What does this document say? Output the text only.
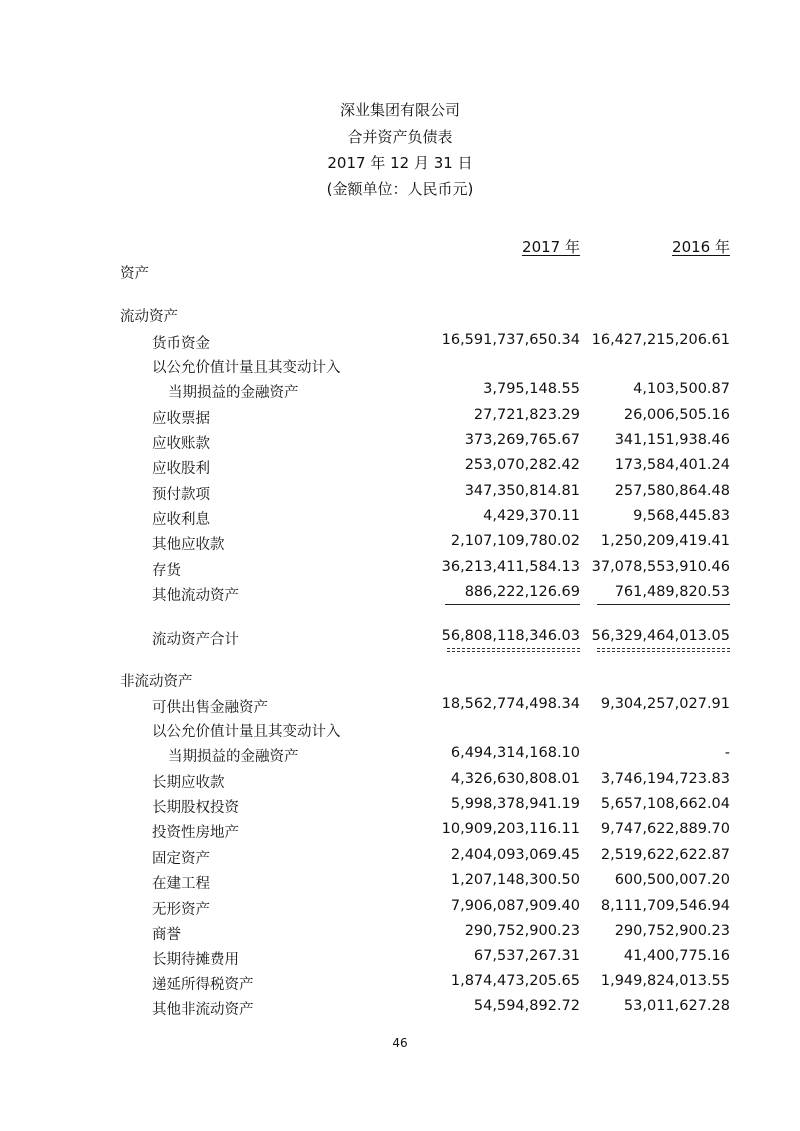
深业集团有限公司
合并资产负债表
2017 年 12 月 31 日
(金额单位：人民币元)
2017 年	2016 年
资产
流动资产
货币资金	16,591,737,650.34 16,427,215,206.61
以公允价值计量且其变动计入
当期损益的金融资产	3,795,148.55	4,103,500.87
应收票据	27,721,823.29	26,006,505.16
应收账款	373,269,765.67	341,151,938.46
应收股利	253,070,282.42	173,584,401.24
预付款项	347,350,814.81	257,580,864.48
应收利息	4,429,370.11	9,568,445.83
其他应收款	2,107,109,780.02	1,250,209,419.41
存货	36,213,411,584.13 37,078,553,910.46
其他流动资产	886,222,126.69	761,489,820.53
流动资产合计	56,808,118,346.03 56,329,464,013.05
非流动资产
可供出售金融资产	18,562,774,498.34	9,304,257,027.91
以公允价值计量且其变动计入
当期损益的金融资产	6,494,314,168.10	-
长期应收款	4,326,630,808.01	3,746,194,723.83
长期股权投资	5,998,378,941.19	5,657,108,662.04
投资性房地产	10,909,203,116.11	9,747,622,889.70
固定资产	2,404,093,069.45	2,519,622,622.87
在建工程	1,207,148,300.50	600,500,007.20
无形资产	7,906,087,909.40	8,111,709,546.94
商誉	290,752,900.23	290,752,900.23
长期待摊费用	67,537,267.31	41,400,775.16
递延所得税资产	1,874,473,205.65	1,949,824,013.55
其他非流动资产	54,594,892.72	53,011,627.28
46
